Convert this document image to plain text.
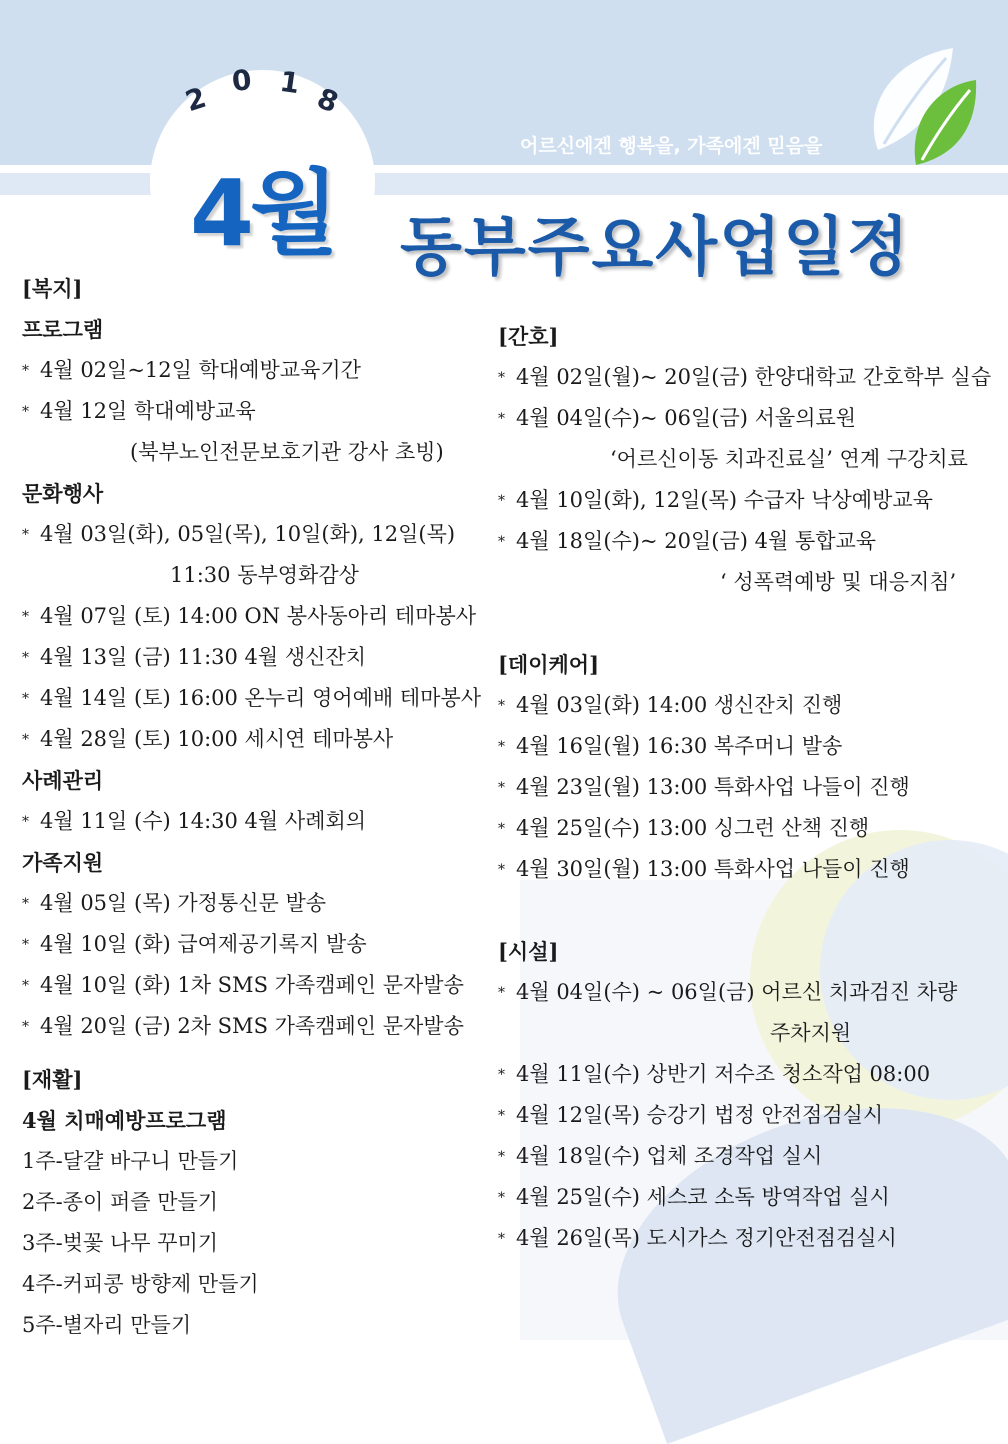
2
0 1 8
4월
어르신에겐 행복을, 가족에겐 믿음을
동부주요사업일정
[복지]
프로그램
* 4월 02일~12일 학대예방교육기간
* 4월 12일 학대예방교육
(북부노인전문보호기관 강사 초빙)
문화행사
* 4월 03일(화), 05일(목), 10일(화), 12일(목)
11:30 동부영화감상
* 4월 07일 (토) 14:00 ON 봉사동아리 테마봉사
* 4월 13일 (금) 11:30 4월 생신잔치
* 4월 14일 (토) 16:00 온누리 영어예배 테마봉사
* 4월 28일 (토) 10:00 세시연 테마봉사
사례관리
* 4월 11일 (수) 14:30 4월 사례회의
가족지원
* 4월 05일 (목) 가정통신문 발송
* 4월 10일 (화) 급여제공기록지 발송
* 4월 10일 (화) 1차 SMS 가족캠페인 문자발송
* 4월 20일 (금) 2차 SMS 가족캠페인 문자발송
[재활]
4월 치매예방프로그램
1주-달걀 바구니 만들기
2주-종이 퍼즐 만들기
3주-벚꽃 나무 꾸미기
4주-커피콩 방향제 만들기
5주-별자리 만들기
[간호]
* 4월 02일(월)~ 20일(금) 한양대학교 간호학부 실습
* 4월 04일(수)~ 06일(금) 서울의료원
‘어르신이동 치과진료실’ 연계 구강치료
* 4월 10일(화), 12일(목) 수급자 낙상예방교육
* 4월 18일(수)~ 20일(금) 4월 통합교육
‘ 성폭력예방 및 대응지침’
[데이케어]
* 4월 03일(화) 14:00 생신잔치 진행
* 4월 16일(월) 16:30 복주머니 발송
* 4월 23일(월) 13:00 특화사업 나들이 진행
* 4월 25일(수) 13:00 싱그런 산책 진행
* 4월 30일(월) 13:00 특화사업 나들이 진행
[시설]
* 4월 04일(수) ~ 06일(금) 어르신 치과검진 차량
주차지원
* 4월 11일(수) 상반기 저수조 청소작업 08:00
* 4월 12일(목) 승강기 법정 안전점검실시
* 4월 18일(수) 업체 조경작업 실시
* 4월 25일(수) 세스코 소독 방역작업 실시
* 4월 26일(목) 도시가스 정기안전점검실시
